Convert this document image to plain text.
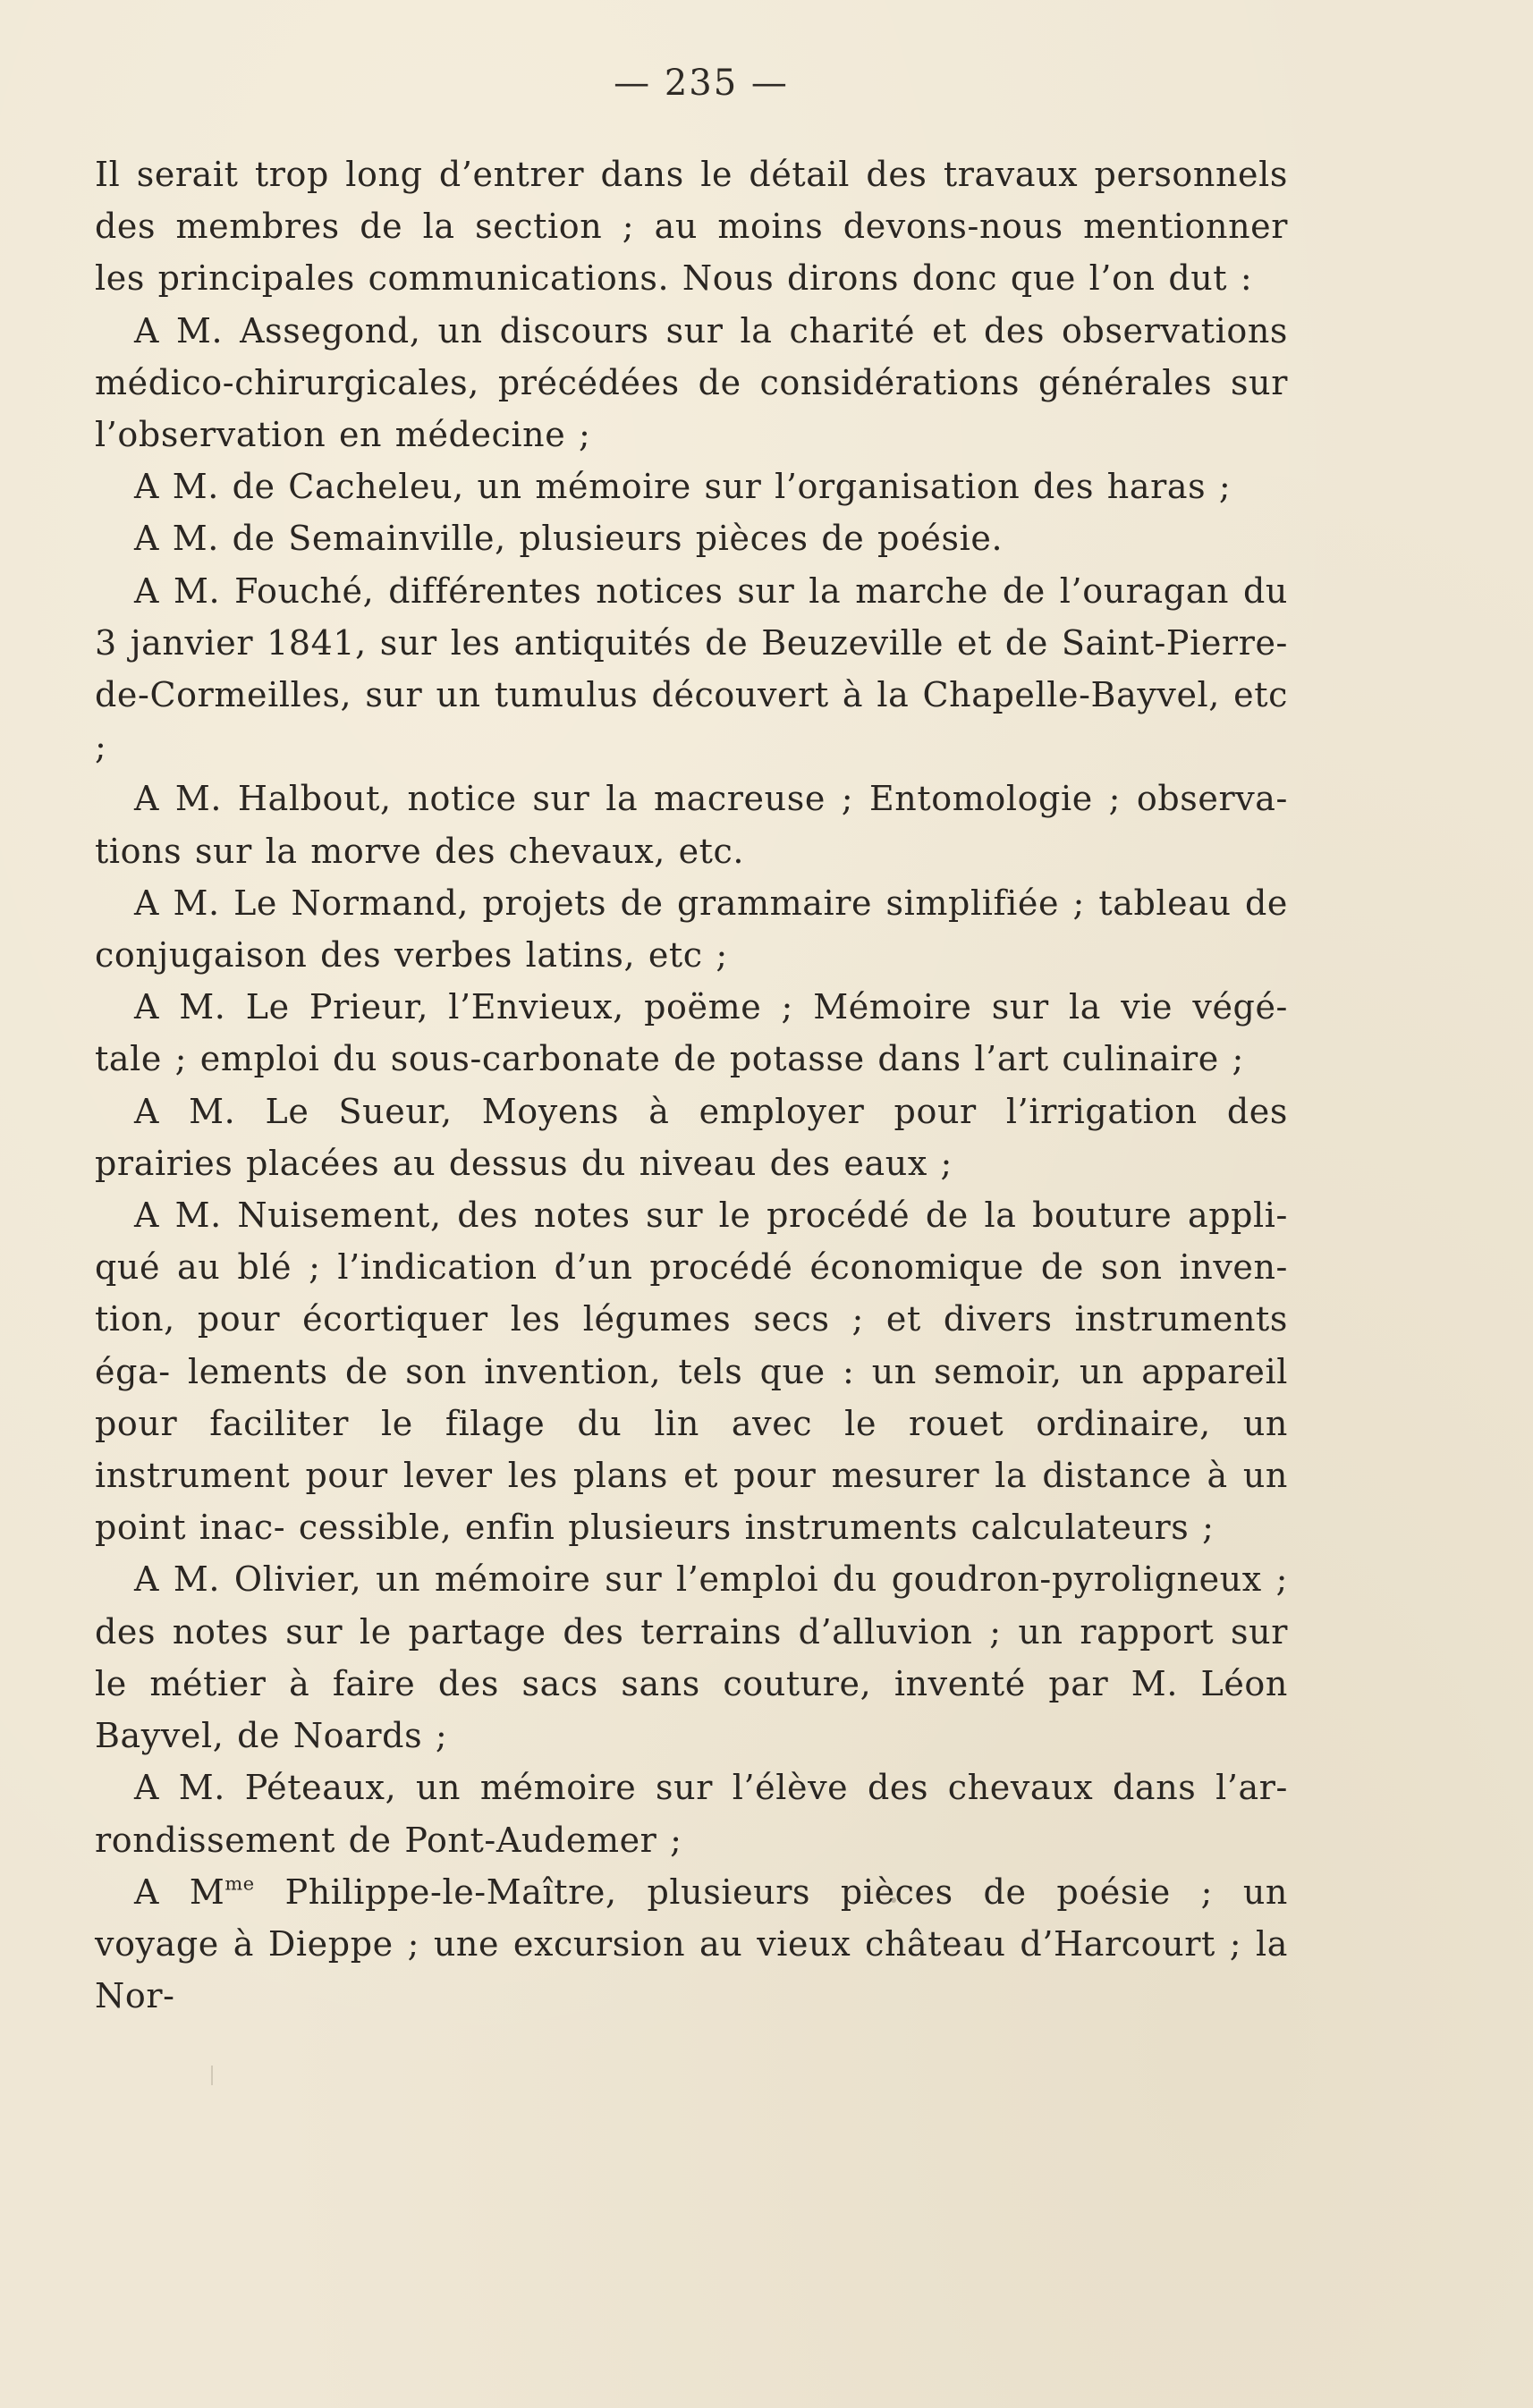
— 235 —

Il serait trop long d’entrer dans le détail des travaux personnels des membres de la section ; au moins devons-nous mentionner les principales communications. Nous dirons donc que l’on dut :

A M. Assegond, un discours sur la charité et des observations médico-chirurgicales, précédées de considérations générales sur l’observation en médecine ;

A M. de Cacheleu, un mémoire sur l’organisation des haras ;

A M. de Semainville, plusieurs pièces de poésie.

A M. Fouché, différentes notices sur la marche de l’ouragan du 3 janvier 1841, sur les antiquités de Beuzeville et de Saint-Pierre- de-Cormeilles, sur un tumulus découvert à la Chapelle-Bayvel, etc ;

A M. Halbout, notice sur la macreuse ; Entomologie ; observa- tions sur la morve des chevaux, etc.

A M. Le Normand, projets de grammaire simplifiée ; tableau de conjugaison des verbes latins, etc ;

A M. Le Prieur, l’Envieux, poëme ; Mémoire sur la vie végé- tale ; emploi du sous-carbonate de potasse dans l’art culinaire ;

A M. Le Sueur, Moyens à employer pour l’irrigation des prairies placées au dessus du niveau des eaux ;

A M. Nuisement, des notes sur le procédé de la bouture appli- qué au blé ; l’indication d’un procédé économique de son inven- tion, pour écortiquer les légumes secs ; et divers instruments éga- lements de son invention, tels que : un semoir, un appareil pour faciliter le filage du lin avec le rouet ordinaire, un instrument pour lever les plans et pour mesurer la distance à un point inac- cessible, enfin plusieurs instruments calculateurs ;

A M. Olivier, un mémoire sur l’emploi du goudron-pyroligneux ; des notes sur le partage des terrains d’alluvion ; un rapport sur le métier à faire des sacs sans couture, inventé par M. Léon Bayvel, de Noards ;

A M. Péteaux, un mémoire sur l’élève des chevaux dans l’ar- rondissement de Pont-Audemer ;

A $M^{me}$ Philippe-le-Maître, plusieurs pièces de poésie ; un voyage à Dieppe ; une excursion au vieux château d’Harcourt ; la Nor-
